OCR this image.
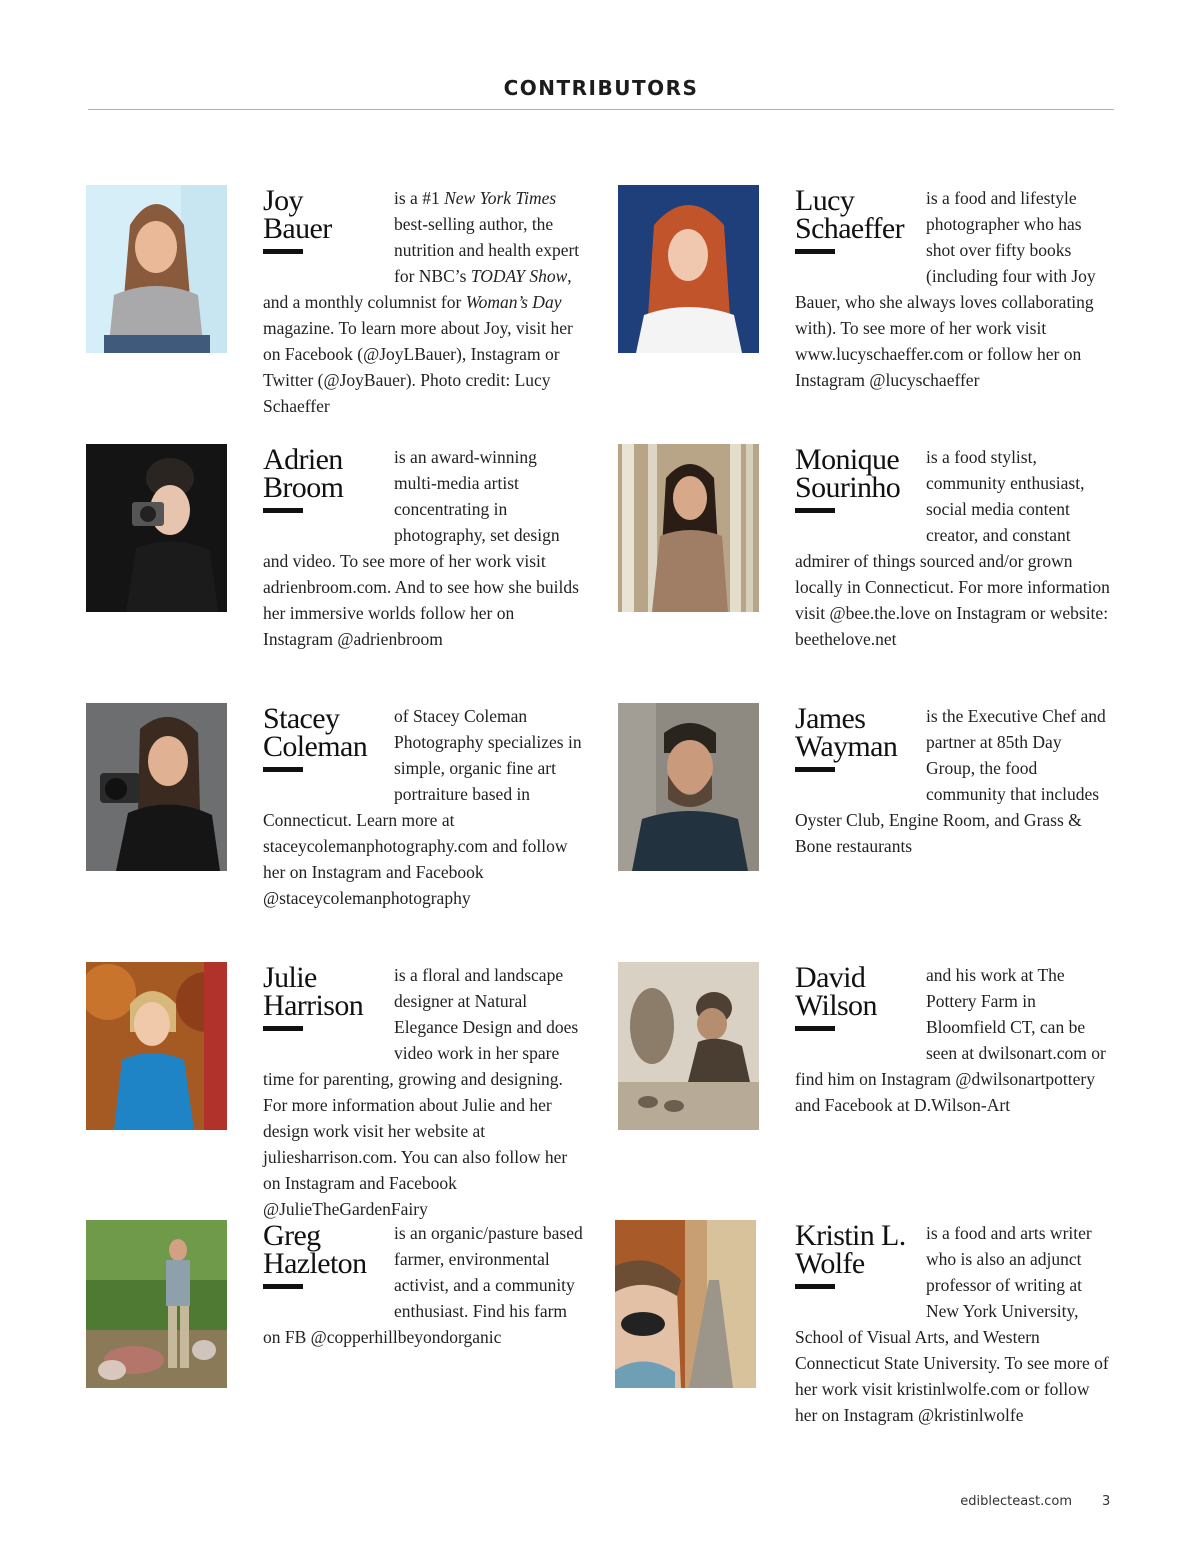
CONTRIBUTORS
Joy
Bauer

is a #1 New York Times best-selling author, the nutrition and health expert for NBC’s TODAY Show, and a monthly columnist for Woman’s Day magazine. To learn more about Joy, visit her on Facebook (@JoyLBauer), Instagram or Twitter (@JoyBauer). Photo credit: Lucy Schaeffer

Lucy
Schaeffer

is a food and lifestyle photographer who has shot over fifty books (including four with Joy Bauer, who she always loves collaborating with). To see more of her work visit www.lucyschaeffer.com or follow her on Instagram @lucyschaeffer

Adrien
Broom

is an award-winning multi-media artist concentrating in photography, set design and video. To see more of her work visit adrienbroom.com. And to see how she builds her immersive worlds follow her on Instagram @adrienbroom

Monique
Sourinho

is a food stylist, community enthusiast, social media content creator, and constant admirer of things sourced and/or grown locally in Connecticut. For more information visit @bee.the.love on Instagram or website: beethelove.net

Stacey
Coleman

of Stacey Coleman Photography specializes in simple, organic fine art portraiture based in Connecticut. Learn more at staceycolemanphotography.com and follow her on Instagram and Facebook @staceycolemanphotography

James
Wayman

is the Executive Chef and partner at 85th Day Group, the food community that includes Oyster Club, Engine Room, and Grass & Bone restaurants

Julie
Harrison

is a floral and landscape designer at Natural Elegance Design and does video work in her spare time for parenting, growing and designing. For more information about Julie and her design work visit her website at juliesharrison.com. You can also follow her on Instagram and Facebook @JulieTheGardenFairy

David
Wilson

and his work at The Pottery Farm in Bloomfield CT, can be seen at dwilsonart.com or find him on Instagram @dwilsonartpottery and Facebook at D.Wilson-Art

Greg
Hazleton

is an organic/pasture based farmer, environmental activist, and a community enthusiast. Find his farm on FB @copperhillbeyondorganic

Kristin L.
Wolfe

is a food and arts writer who is also an adjunct professor of writing at New York University, School of Visual Arts, and Western Connecticut State University. To see more of her work visit kristinlwolfe.com or follow her on Instagram @kristinlwolfe

ediblecteast.com 3
